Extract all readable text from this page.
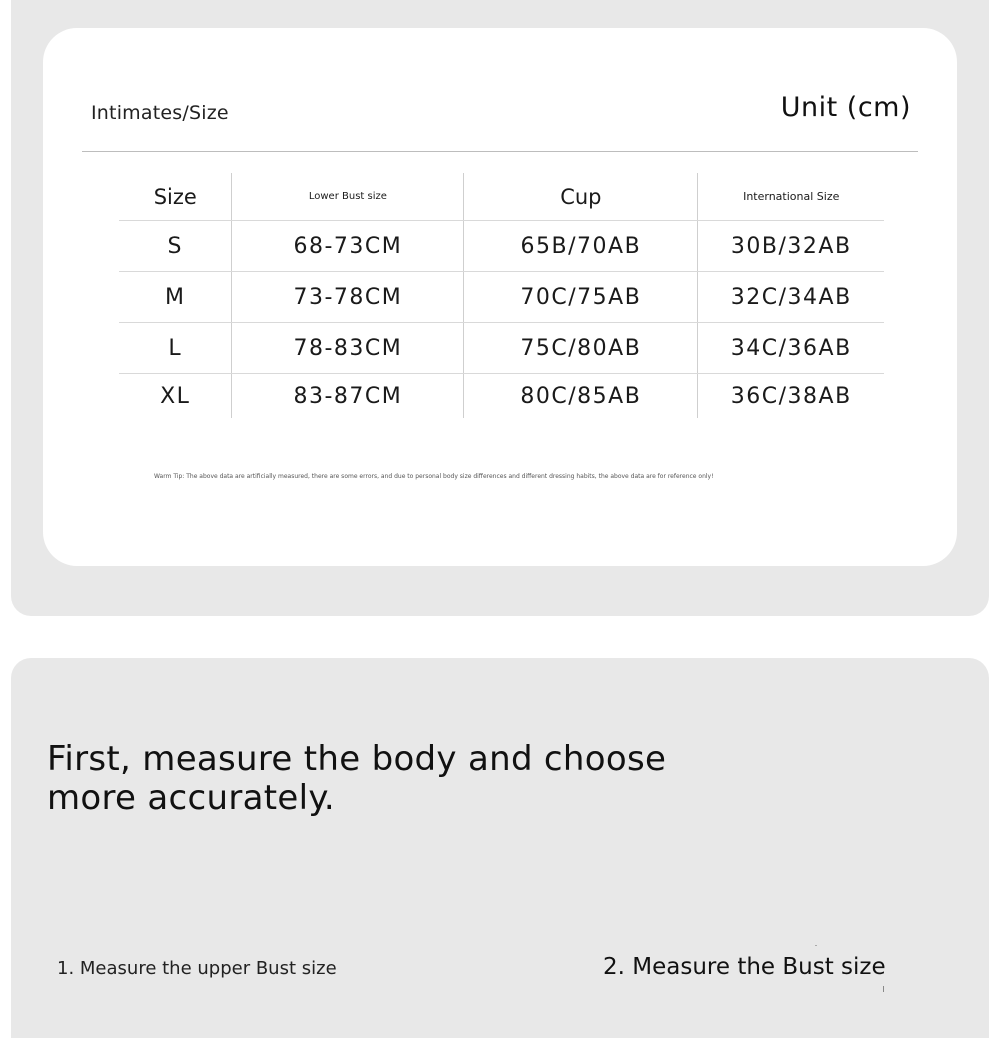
Intimates/Size	Unit (cm)
Size	Lower Bust size	Cup	International Size
S	68-73CM	65B/70AB	30B/32AB
M	73-78CM	70C/75AB	32C/34AB
L	78-83CM	75C/80AB	34C/36AB
XL	83-87CM	80C/85AB	36C/38AB
Warm Tip: The above data are artificially measured, there are some errors, and due to personal body size differences and different dressing habits, the above data are for reference only!
First, measure the body and choose more accurately.
1. Measure the upper Bust size	2. Measure the Bust size
